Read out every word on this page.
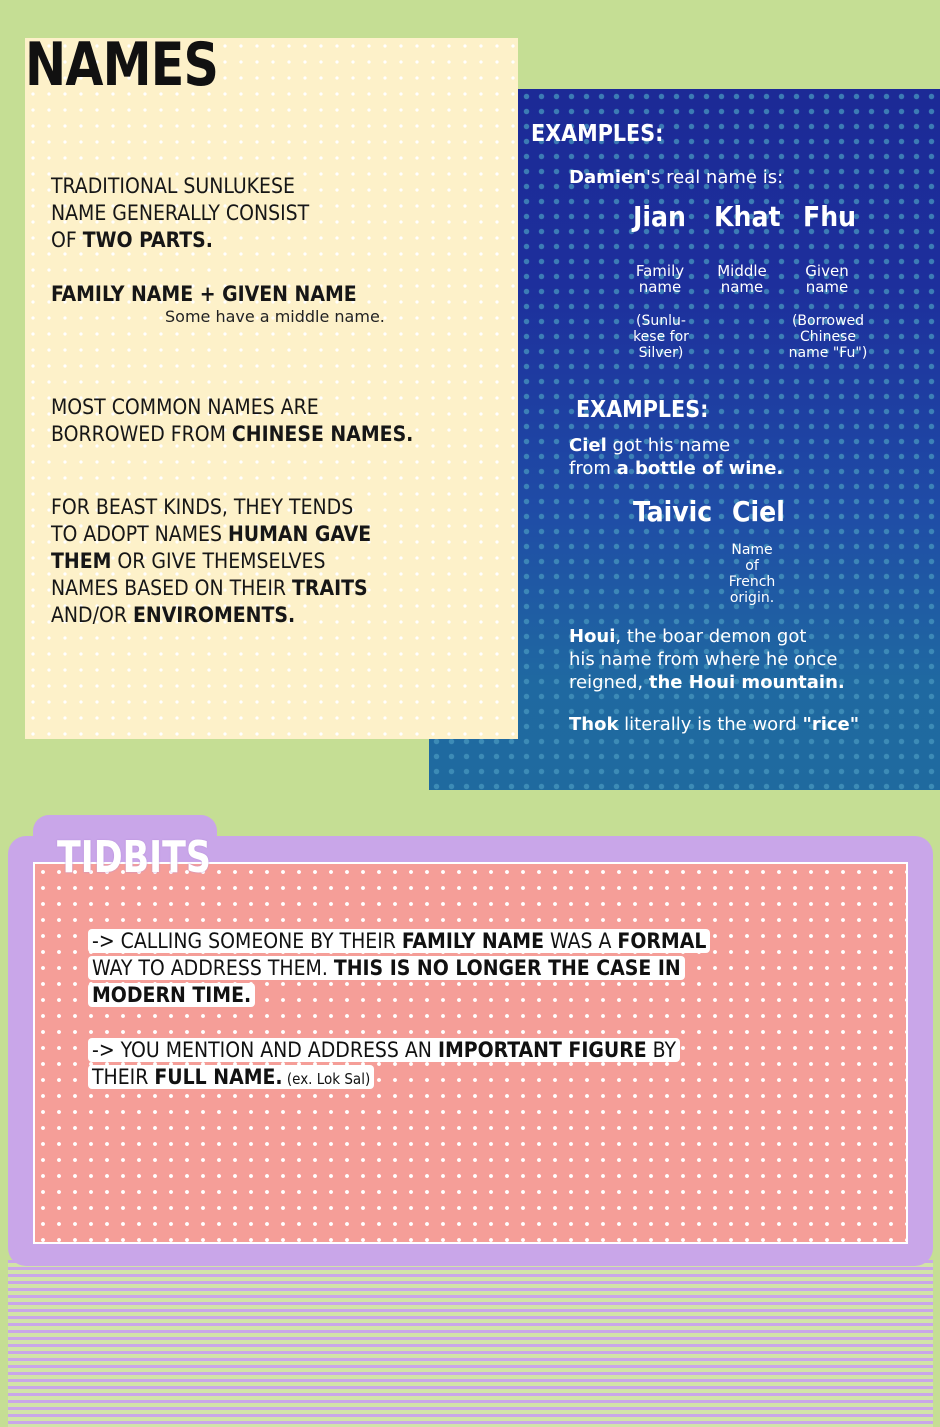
EXAMPLES:

Damien's real name is:

Jian Khat Fhu
Family
name
Middle
name
Given
name
(Sunlu-
kese for
Silver)
(Borrowed
Chinese
name "Fu")
EXAMPLES:

Ciel got his name
from a bottle of wine.

Taivic Ciel
Name
of
French
origin.

Houi, the boar demon got
his name from where he once
reigned, the Houi mountain.

Thok literally is the word "rice"

NAMES

TRADITIONAL SUNLUKESE
NAME GENERALLY CONSIST
OF TWO PARTS.

FAMILY NAME + GIVEN NAME

Some have a middle name.

MOST COMMON NAMES ARE
BORROWED FROM CHINESE NAMES.

FOR BEAST KINDS, THEY TENDS
TO ADOPT NAMES HUMAN GAVE
THEM OR GIVE THEMSELVES
NAMES BASED ON THEIR TRAITS
AND/OR ENVIROMENTS.

TIDBITS

-> CALLING SOMEONE BY THEIR FAMILY NAME WAS A FORMAL
WAY TO ADDRESS THEM. THIS IS NO LONGER THE CASE IN
MODERN TIME.

-> YOU MENTION AND ADDRESS AN IMPORTANT FIGURE BY
THEIR FULL NAME. (ex. Lok Sal)
